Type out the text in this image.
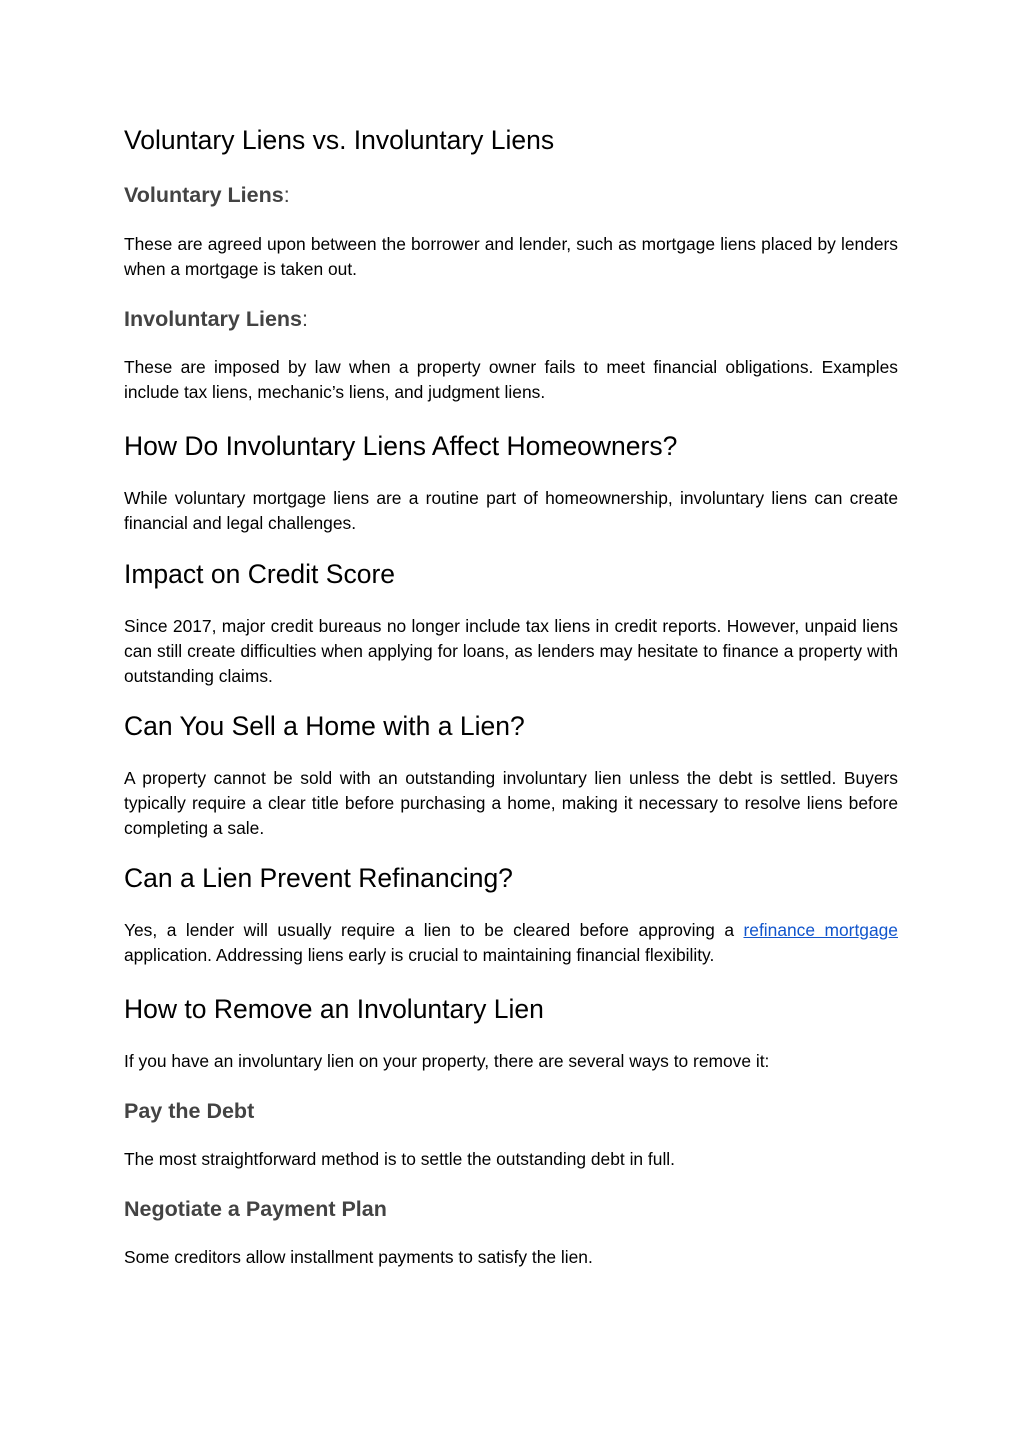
Voluntary Liens vs. Involuntary Liens
Voluntary Liens:

These are agreed upon between the borrower and lender, such as mortgage liens placed by lenders when a mortgage is taken out.

Involuntary Liens:

These are imposed by law when a property owner fails to meet financial obligations. Examples include tax liens, mechanic’s liens, and judgment liens.

How Do Involuntary Liens Affect Homeowners?

While voluntary mortgage liens are a routine part of homeownership, involuntary liens can create financial and legal challenges.

Impact on Credit Score

Since 2017, major credit bureaus no longer include tax liens in credit reports. However, unpaid liens can still create difficulties when applying for loans, as lenders may hesitate to finance a property with outstanding claims.

Can You Sell a Home with a Lien?

A property cannot be sold with an outstanding involuntary lien unless the debt is settled. Buyers typically require a clear title before purchasing a home, making it necessary to resolve liens before completing a sale.

Can a Lien Prevent Refinancing?

Yes, a lender will usually require a lien to be cleared before approving a refinance mortgage application. Addressing liens early is crucial to maintaining financial flexibility.

How to Remove an Involuntary Lien

If you have an involuntary lien on your property, there are several ways to remove it:

Pay the Debt

The most straightforward method is to settle the outstanding debt in full.

Negotiate a Payment Plan

Some creditors allow installment payments to satisfy the lien.
